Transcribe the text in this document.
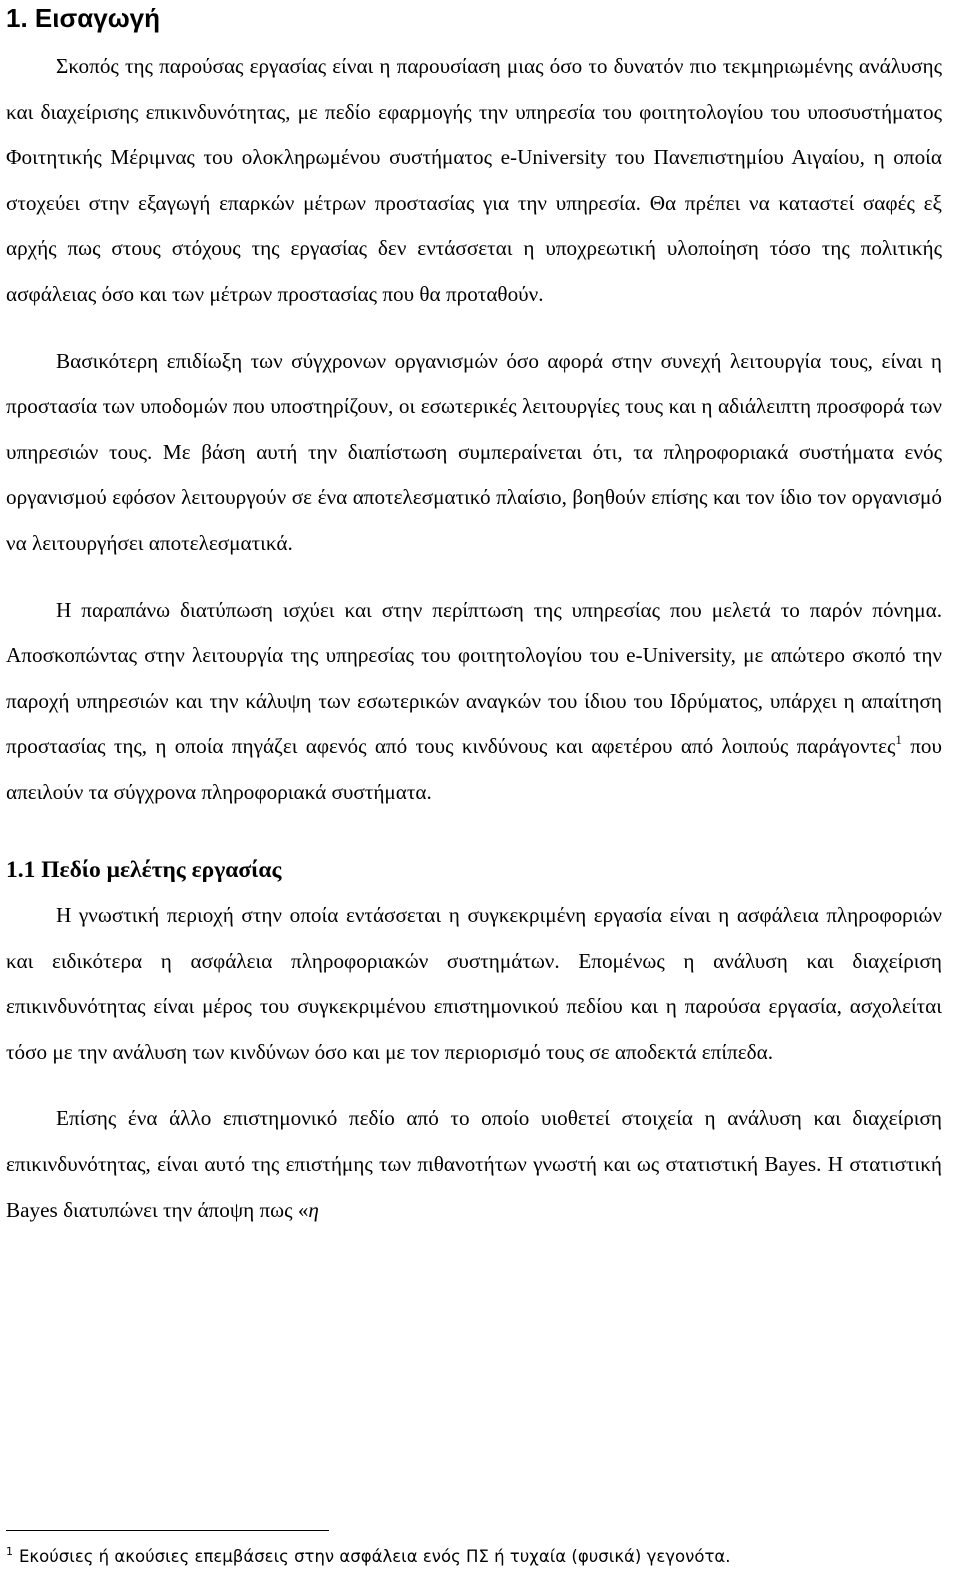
1. Εισαγωγή

Σκοπός της παρούσας εργασίας είναι η παρουσίαση μιας όσο το δυνατόν πιο τεκμηριωμένης ανάλυσης και διαχείρισης επικινδυνότητας, με πεδίο εφαρμογής την υπηρεσία του φοιτητολογίου του υποσυστήματος Φοιτητικής Μέριμνας του ολοκληρωμένου συστήματος e-University του Πανεπιστημίου Αιγαίου, η οποία στοχεύει στην εξαγωγή επαρκών μέτρων προστασίας για την υπηρεσία. Θα πρέπει να καταστεί σαφές εξ αρχής πως στους στόχους της εργασίας δεν εντάσσεται η υποχρεωτική υλοποίηση τόσο της πολιτικής ασφάλειας όσο και των μέτρων προστασίας που θα προταθούν.

Βασικότερη επιδίωξη των σύγχρονων οργανισμών όσο αφορά στην συνεχή λειτουργία τους, είναι η προστασία των υποδομών που υποστηρίζουν, οι εσωτερικές λειτουργίες τους και η αδιάλειπτη προσφορά των υπηρεσιών τους. Με βάση αυτή την διαπίστωση συμπεραίνεται ότι, τα πληροφοριακά συστήματα ενός οργανισμού εφόσον λειτουργούν σε ένα αποτελεσματικό πλαίσιο, βοηθούν επίσης και τον ίδιο τον οργανισμό να λειτουργήσει αποτελεσματικά.

Η παραπάνω διατύπωση ισχύει και στην περίπτωση της υπηρεσίας που μελετά το παρόν πόνημα. Αποσκοπώντας στην λειτουργία της υπηρεσίας του φοιτητολογίου του e-University, με απώτερο σκοπό την παροχή υπηρεσιών και την κάλυψη των εσωτερικών αναγκών του ίδιου του Ιδρύματος, υπάρχει η απαίτηση προστασίας της, η οποία πηγάζει αφενός από τους κινδύνους και αφετέρου από λοιπούς παράγοντες$^1$ που απειλούν τα σύγχρονα πληροφοριακά συστήματα.

1.1 Πεδίο μελέτης εργασίας

Η γνωστική περιοχή στην οποία εντάσσεται η συγκεκριμένη εργασία είναι η ασφάλεια πληροφοριών και ειδικότερα η ασφάλεια πληροφοριακών συστημάτων. Επομένως η ανάλυση και διαχείριση επικινδυνότητας είναι μέρος του συγκεκριμένου επιστημονικού πεδίου και η παρούσα εργασία, ασχολείται τόσο με την ανάλυση των κινδύνων όσο και με τον περιορισμό τους σε αποδεκτά επίπεδα.

Επίσης ένα άλλο επιστημονικό πεδίο από το οποίο υιοθετεί στοιχεία η ανάλυση και διαχείριση επικινδυνότητας, είναι αυτό της επιστήμης των πιθανοτήτων γνωστή και ως στατιστική Bayes. Η στατιστική Bayes διατυπώνει την άποψη πως «η

$^1$ Εκούσιες ή ακούσιες επεμβάσεις στην ασφάλεια ενός ΠΣ ή τυχαία (φυσικά) γεγονότα.
